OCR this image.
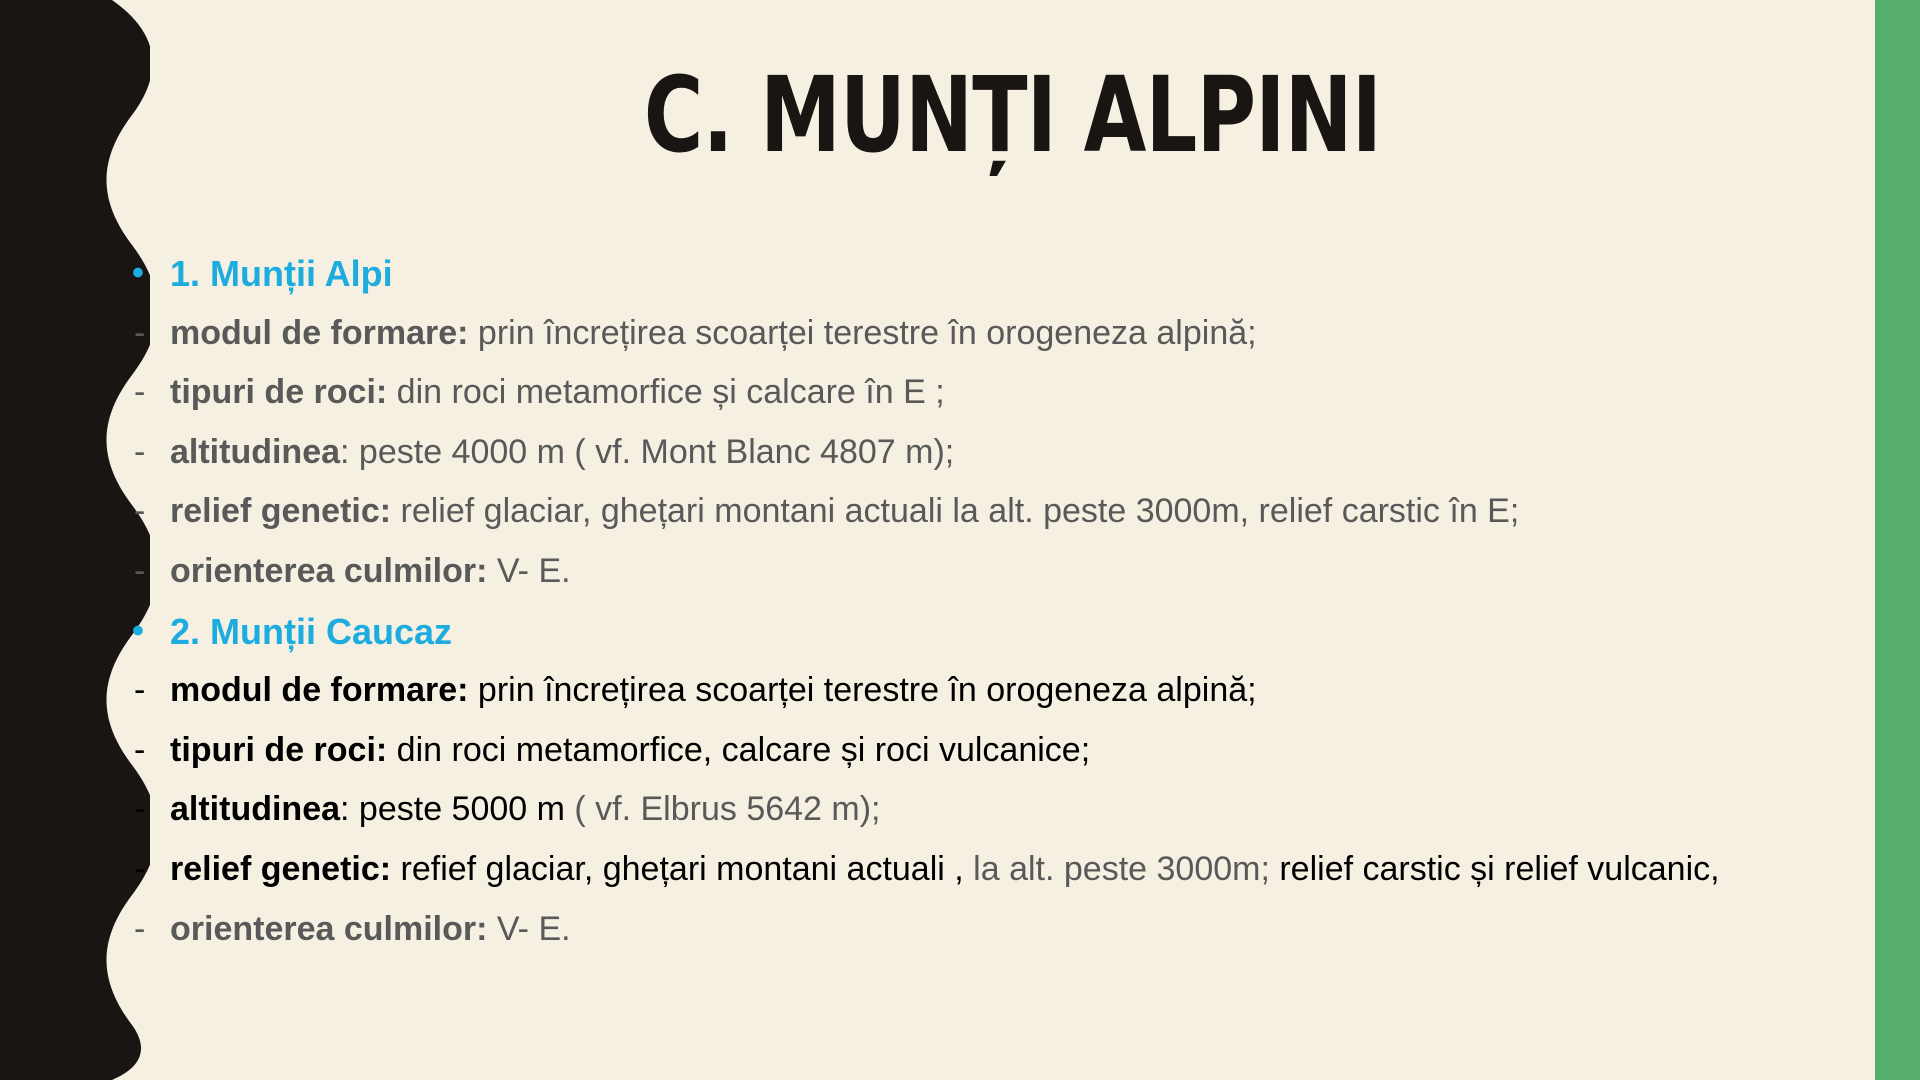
C. MUNȚI ALPINI
• 1. Munții Alpi
- modul de formare: prin încrețirea scoarței terestre în orogeneza alpină;
- tipuri de roci: din roci metamorfice și calcare în E ;
- altitudinea: peste 4000 m ( vf. Mont Blanc 4807 m);
- relief genetic: relief glaciar, ghețari montani actuali la alt. peste 3000m, relief carstic în E;
- orienterea culmilor: V- E.
• 2. Munții Caucaz
- modul de formare: prin încrețirea scoarței terestre în orogeneza alpină;
- tipuri de roci: din roci metamorfice, calcare și roci vulcanice;
- altitudinea: peste 5000 m ( vf. Elbrus 5642 m);
- relief genetic: refief glaciar, ghețari montani actuali , la alt. peste 3000m; relief carstic și relief vulcanic,
- orienterea culmilor: V- E.
